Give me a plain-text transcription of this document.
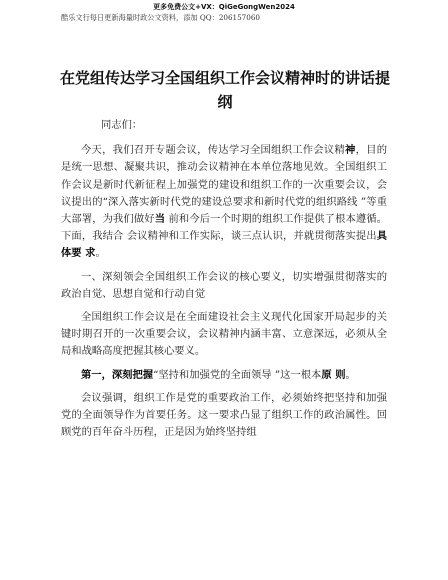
更多免费公文+VX：QiGeGongWen2024
酷乐文行每日更新海量时政公文资料，添加 QQ：206157060
在党组传达学习全国组织工作会议精神时的讲话提纲

同志们：

今天，我们召开专题会议，传达学习全国组织工作会议精神，目的是统一思想、凝聚共识，推动会议精神在本单位落地见效。全国组织工作会议是新时代新征程上加强党的建设和组织工作的一次重要会议，会议提出的“深入落实新时代党的建设总要求和新时代党的组织路线 ”等重大部署，为我们做好当 前和今后一个时期的组织工作提供了根本遵循。下面，我结合 会议精神和工作实际，谈三点认识，并就贯彻落实提出具体要 求。

一、深刻领会全国组织工作会议的核心要义，切实增强贯彻落实的政治自觉、思想自觉和行动自觉

全国组织工作会议是在全面建设社会主义现代化国家开局起步的关键时期召开的一次重要会议，会议精神内涵丰富、立意深远，必须从全局和战略高度把握其核心要义。

第一，深刻把握“坚持和加强党的全面领导 ”这一根本原 则。

会议强调，组织工作是党的重要政治工作，必须始终把坚持和加强党的全面领导作为首要任务。这一要求凸显了组织工作的政治属性。回顾党的百年奋斗历程，正是因为始终坚持组
